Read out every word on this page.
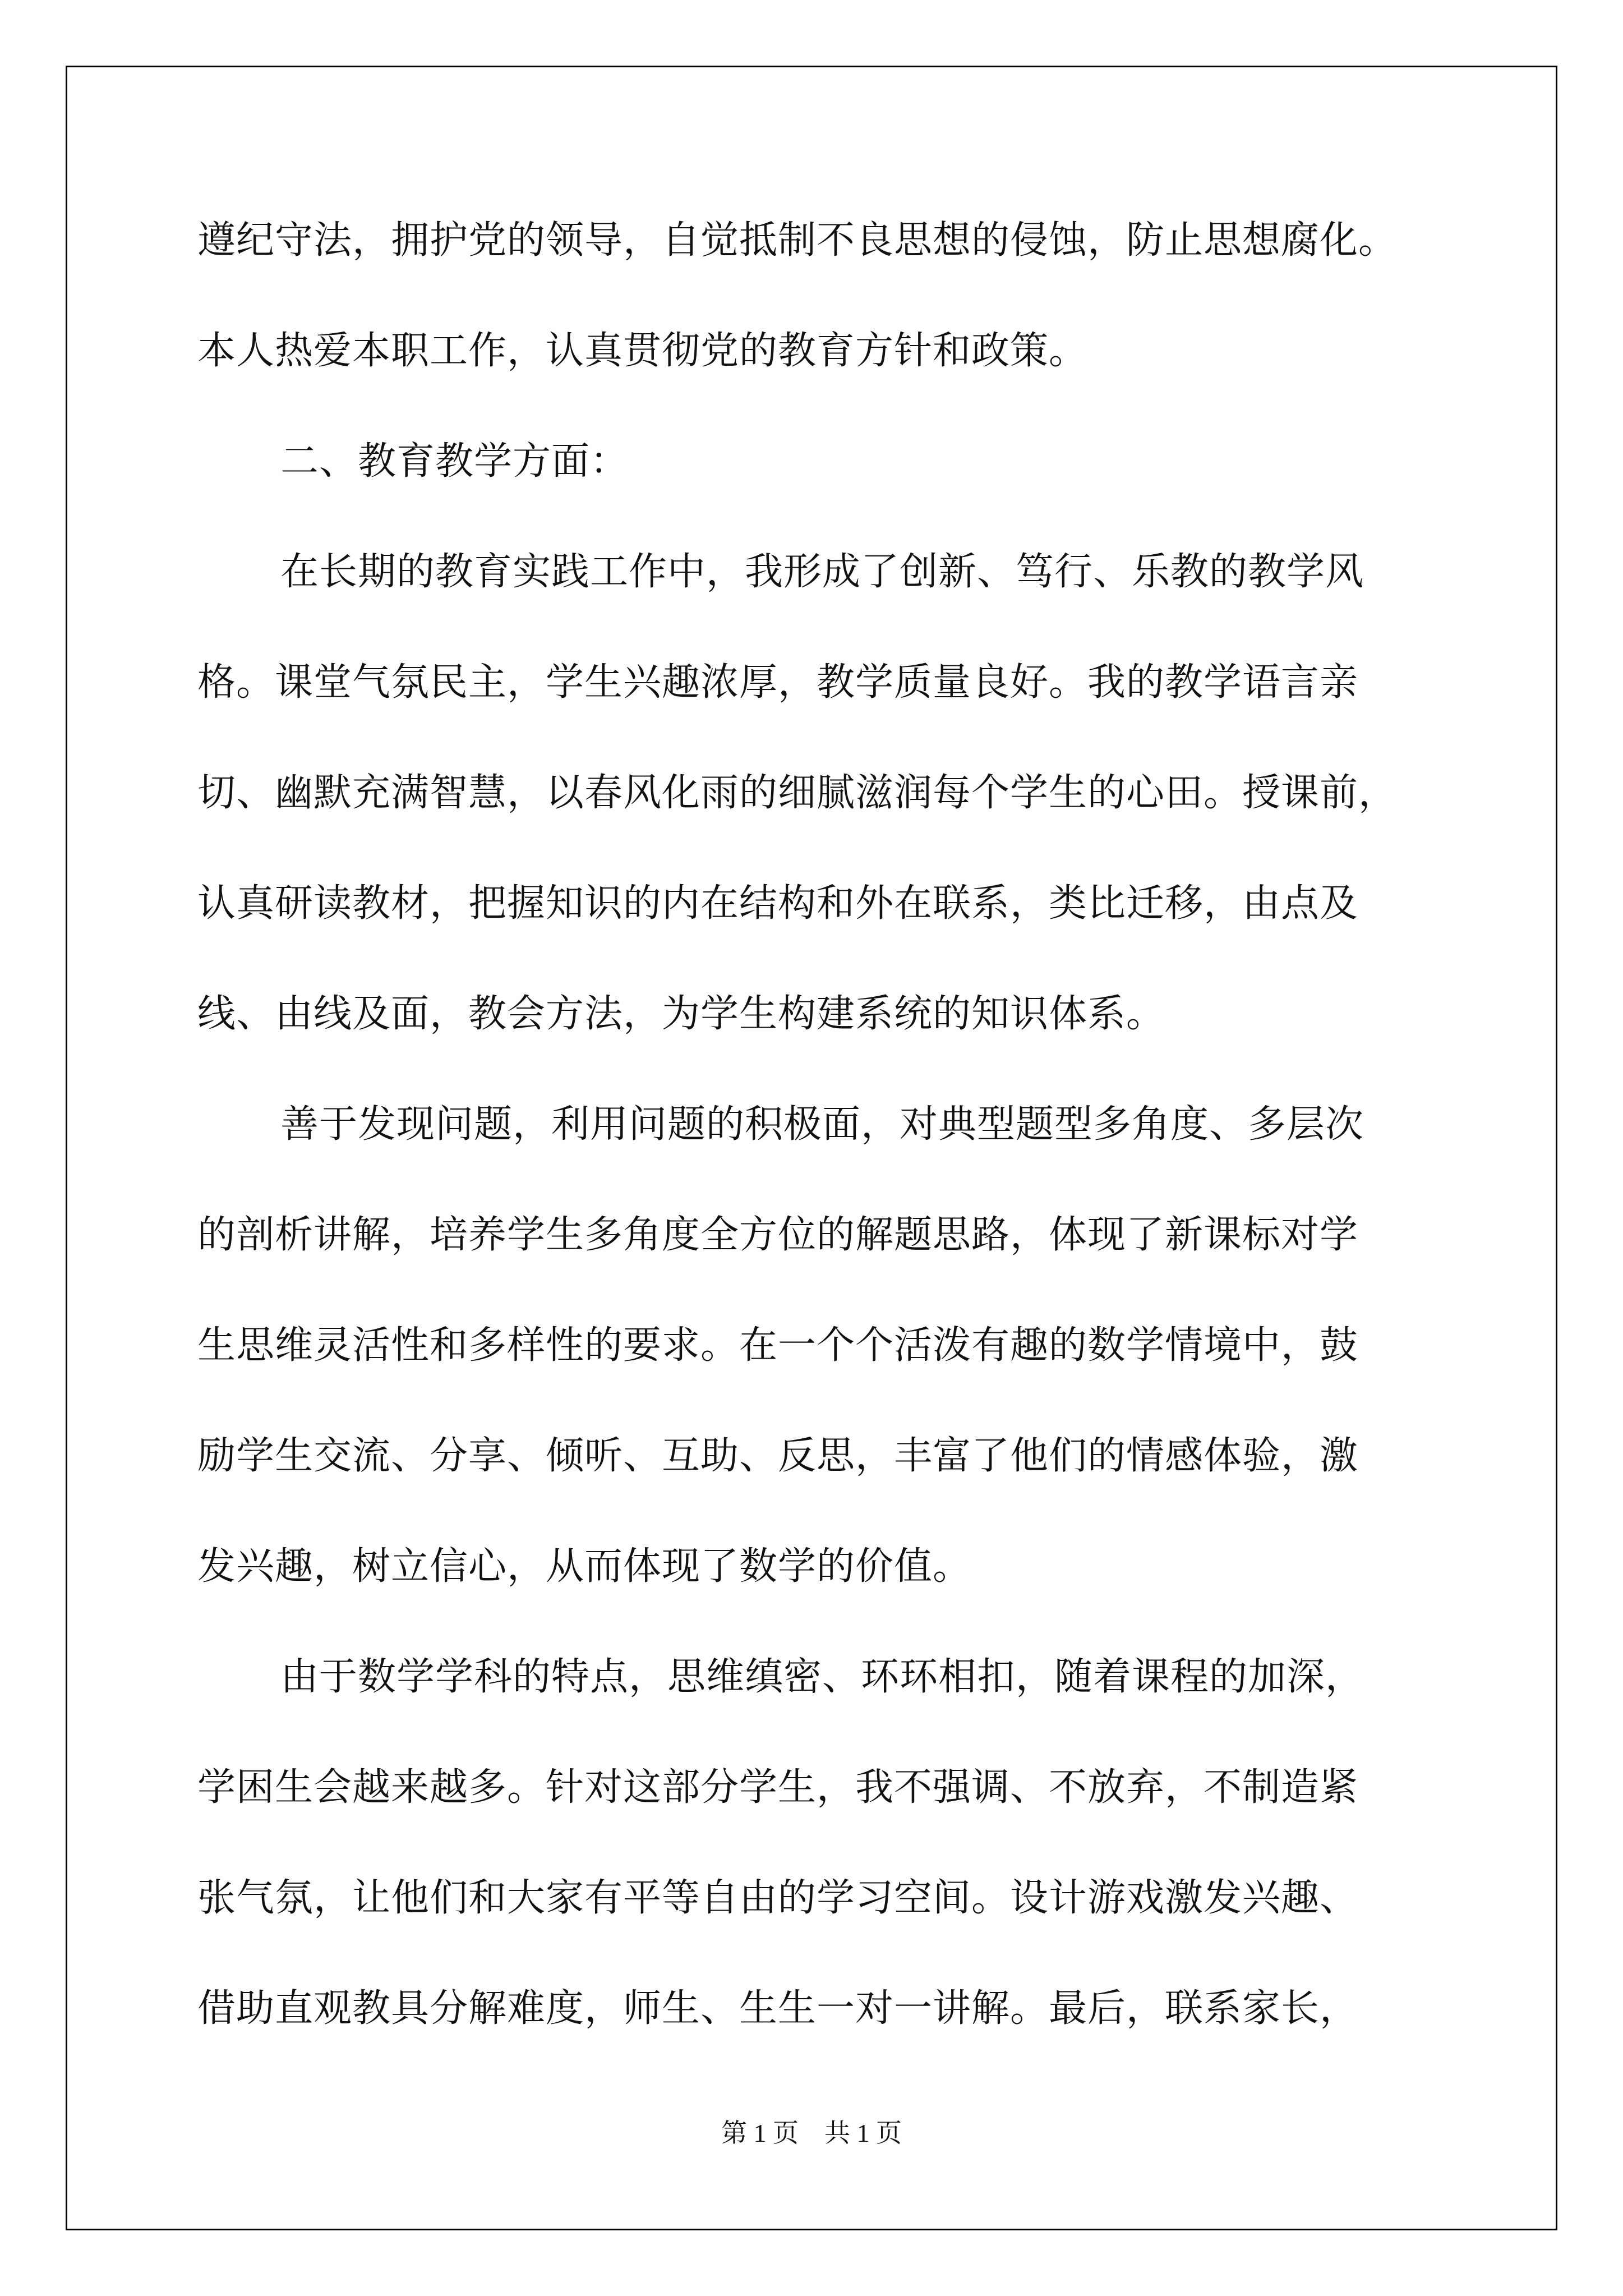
遵纪守法，拥护党的领导，自觉抵制不良思想的侵蚀，防止思想腐化。
本人热爱本职工作，认真贯彻党的教育方针和政策。
二、教育教学方面：
在长期的教育实践工作中，我形成了创新、笃行、乐教的教学风
格。课堂气氛民主，学生兴趣浓厚，教学质量良好。我的教学语言亲
切、幽默充满智慧，以春风化雨的细腻滋润每个学生的心田。授课前，
认真研读教材，把握知识的内在结构和外在联系，类比迁移，由点及
线、由线及面，教会方法，为学生构建系统的知识体系。
善于发现问题，利用问题的积极面，对典型题型多角度、多层次
的剖析讲解，培养学生多角度全方位的解题思路，体现了新课标对学
生思维灵活性和多样性的要求。在一个个活泼有趣的数学情境中，鼓
励学生交流、分享、倾听、互助、反思，丰富了他们的情感体验，激
发兴趣，树立信心，从而体现了数学的价值。
由于数学学科的特点，思维缜密、环环相扣，随着课程的加深，
学困生会越来越多。针对这部分学生，我不强调、不放弃，不制造紧
张气氛，让他们和大家有平等自由的学习空间。设计游戏激发兴趣、
借助直观教具分解难度，师生、生生一对一讲解。最后，联系家长，
第 1 页　共 1 页
